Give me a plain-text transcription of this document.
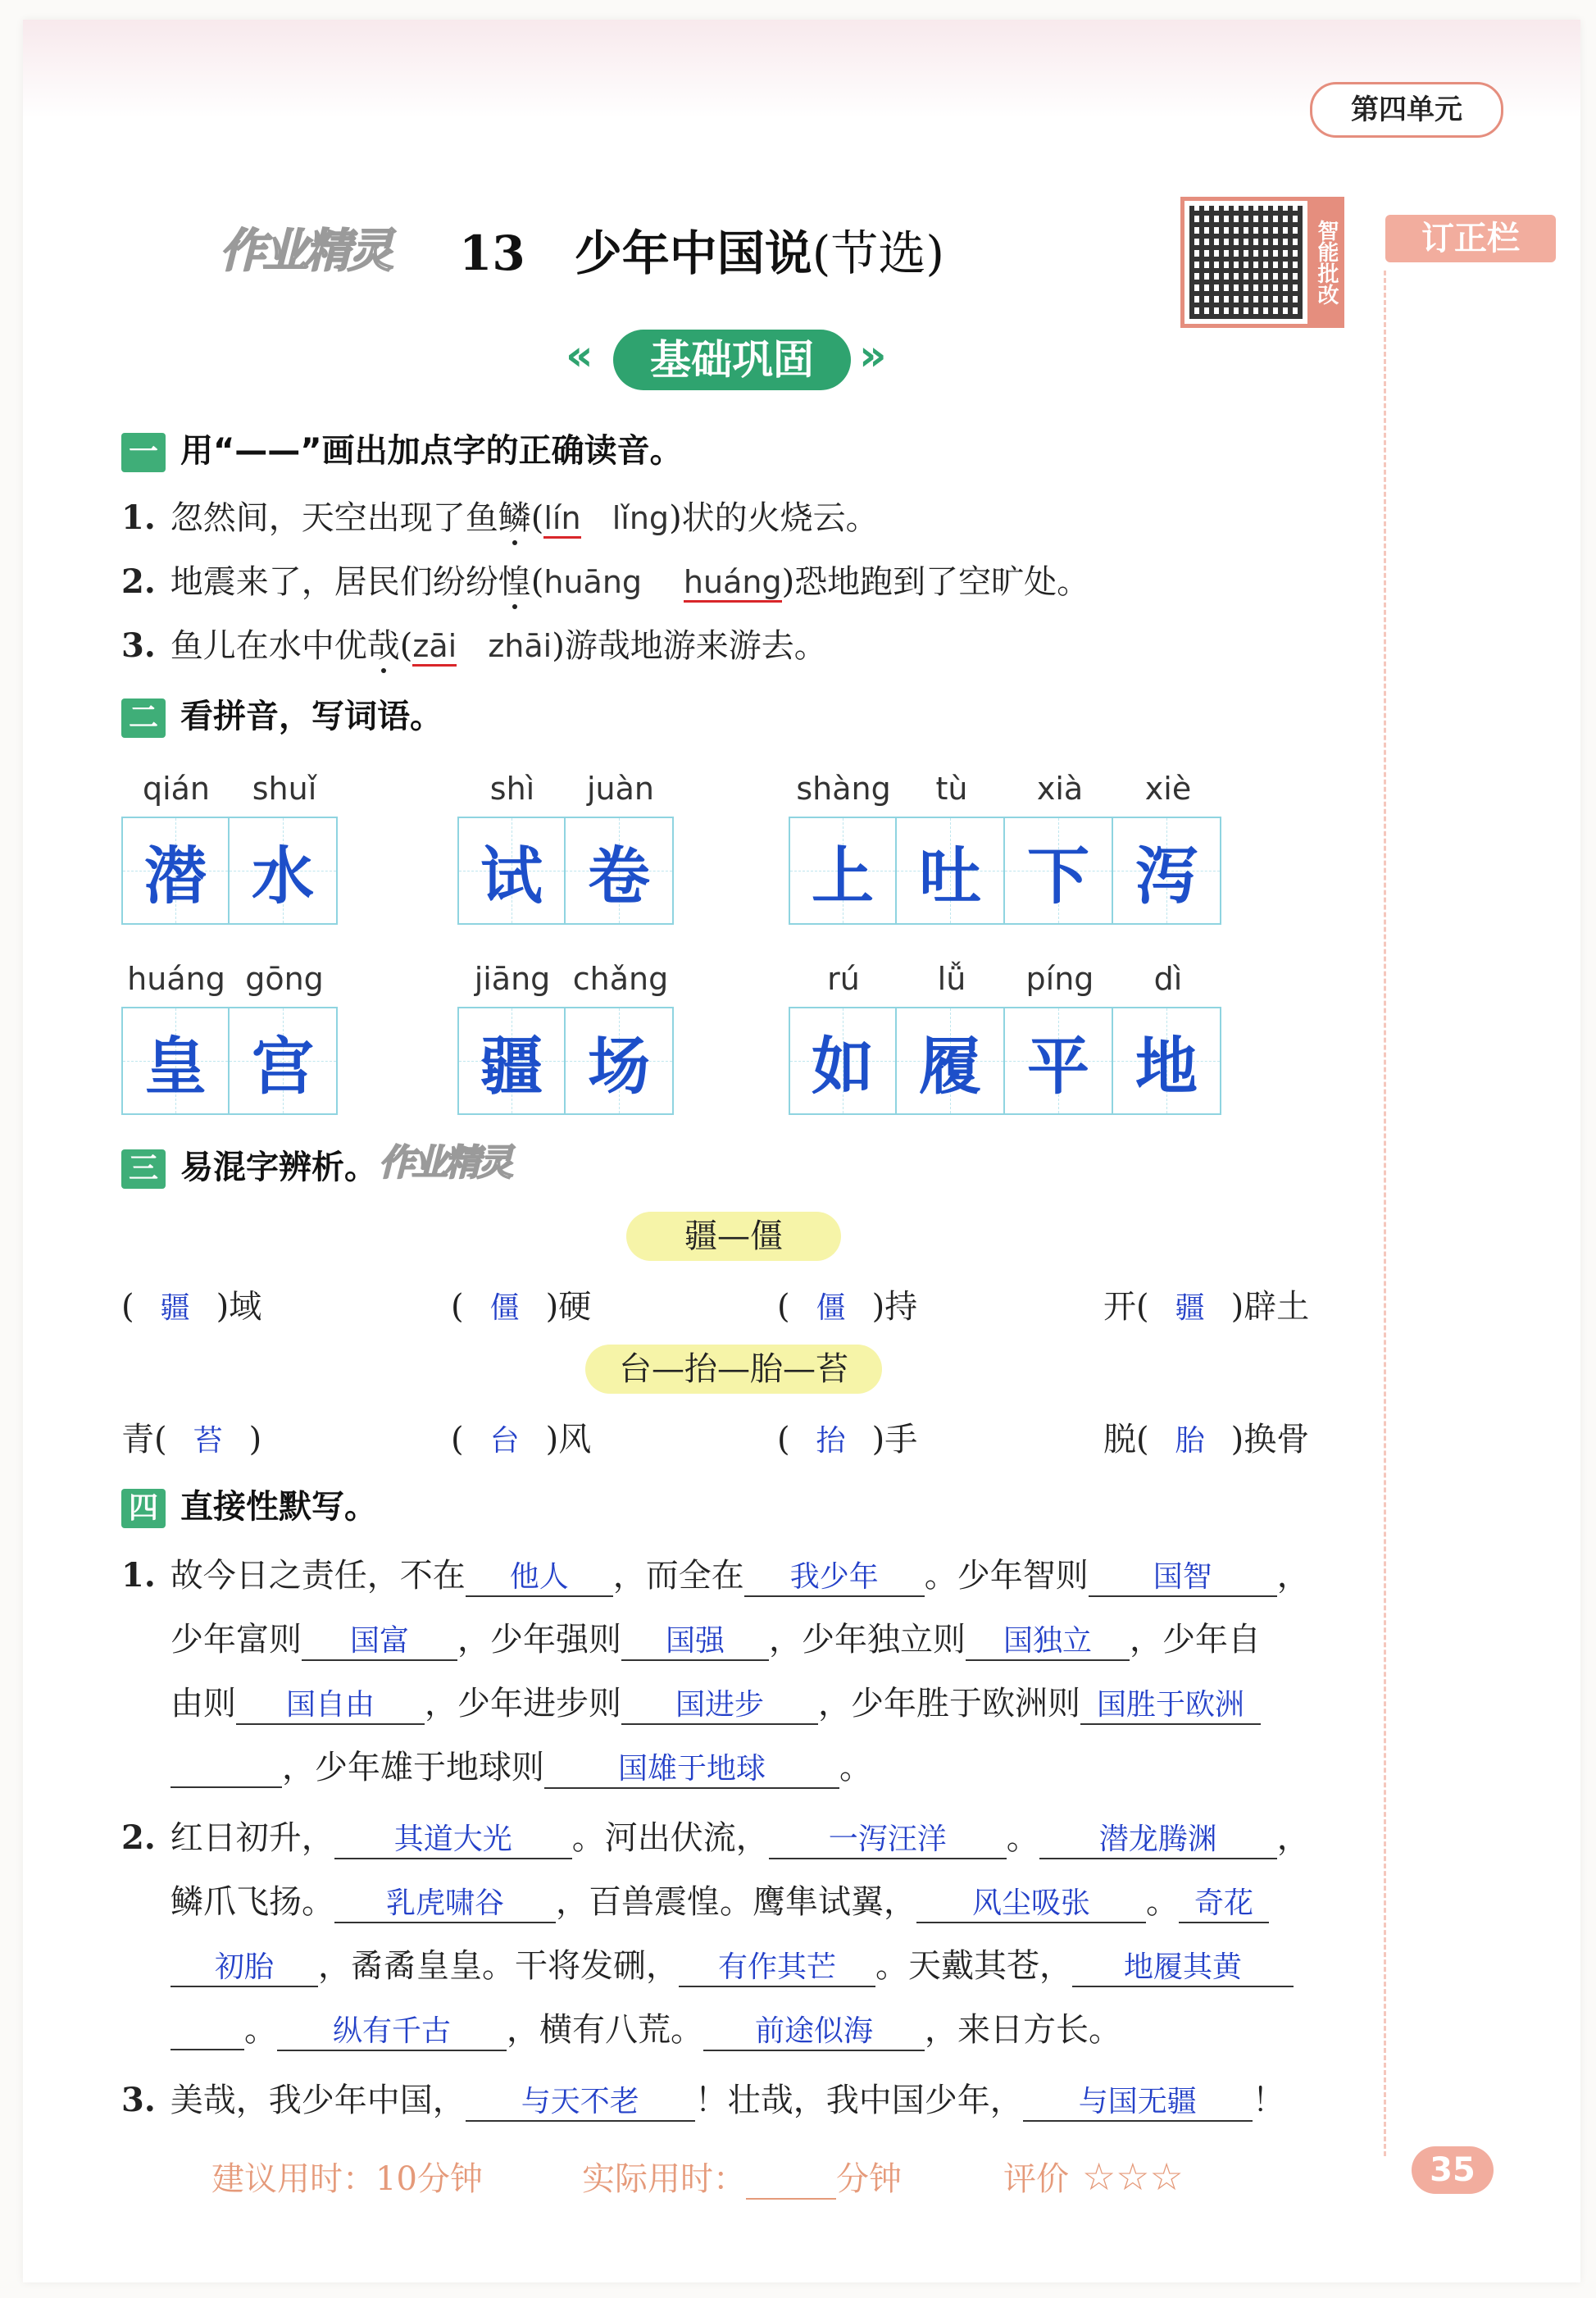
第四单元
作业精灵 13 少年中国说(节选)	智能批改	订正栏
«	基础巩固	»
一 用“——”画出加点字的正确读音。
1. 忽然间，天空出现了鱼鳞(lín lǐng)状的火烧云。
2. 地震来了，居民们纷纷惶(huāng huáng)恐地跑到了空旷处。
3. 鱼儿在水中优哉(zāi zhāi)游哉地游来游去。
二 看拼音，写词语。
qián	shuǐ	shì	juàn	shàng	tù	xià	xiè
潜 水	试 卷	上 吐 下 泻
huáng gōng	jiāng chǎng	rú	lǚ	píng	dì
皇 宫	疆 场	如 履 平 地
三 易混字辨析。 作业精灵
疆—僵
( 疆 )域	( 僵 )硬	( 僵 )持	开( 疆 )辟土
台—抬—胎—苔
青( 苔 )	( 台 )风	( 抬 )手	脱( 胎 )换骨
四 直接性默写。
1. 故今日之责任，不在 他人 ，而全在 我少年 。少年智则 国智 ，
少年富则 国富 ，少年强则 国强 ，少年独立则 国独立 ，少年自
由则 国自由 ，少年进步则 国进步 ，少年胜于欧洲则 国胜于欧洲
，少年雄于地球则 国雄于地球 。
2. 红日初升， 其道大光 。河出伏流， 一泻汪洋 。 潜龙腾渊 ，
鳞爪飞扬。 乳虎啸谷 ，百兽震惶。鹰隼试翼， 风尘吸张 。 奇花
初胎 ，矞矞皇皇。干将发硎， 有作其芒 。天戴其苍， 地履其黄
。 纵有千古 ，横有八荒。 前途似海 ，来日方长。
3. 美哉，我少年中国， 与天不老 ！壮哉，我中国少年， 与国无疆 ！
建议用时：10分钟	实际用时：	分钟	评价 ☆☆☆	35
